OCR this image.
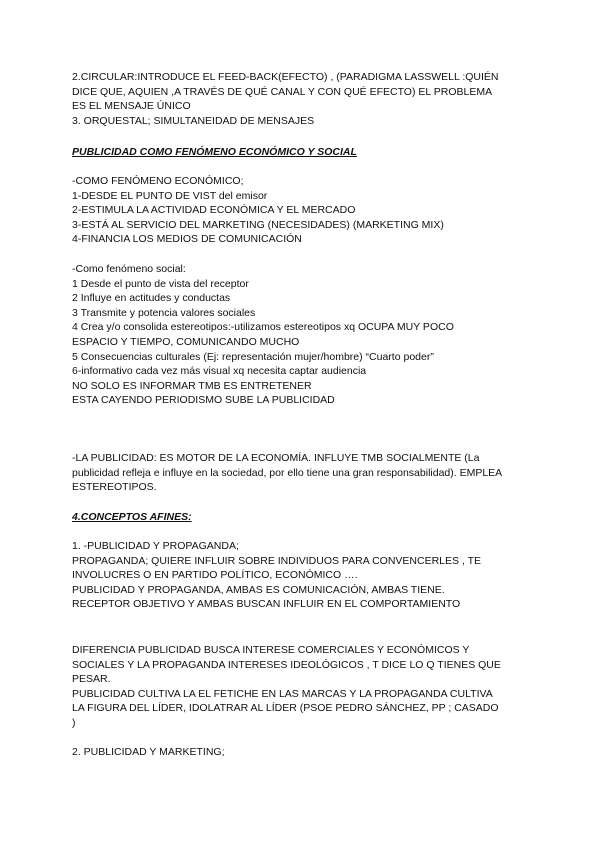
2.CIRCULAR:INTRODUCE EL FEED-BACK(EFECTO) , (PARADIGMA LASSWELL :QUIÉN
DICE QUE, AQUIEN ,A TRAVÉS DE QUÉ CANAL Y CON QUÉ EFECTO) EL PROBLEMA
ES EL MENSAJE ÚNICO
3. ORQUESTAL; SIMULTANEIDAD DE MENSAJES
PUBLICIDAD COMO FENÓMENO ECONÓMICO Y SOCIAL
-COMO FENÓMENO ECONÓMICO;
1-DESDE EL PUNTO DE VIST del emisor
2-ESTIMULA LA ACTIVIDAD ECONÓMICA Y EL MERCADO
3-ESTÁ AL SERVICIO DEL MARKETING (NECESIDADES) (MARKETING MIX)
4-FINANCIA LOS MEDIOS DE COMUNICACIÓN
-Como fenómeno social:
1 Desde el punto de vista del receptor
2 Influye en actitudes y conductas
3 Transmite y potencia valores sociales
4 Crea y/o consolida estereotipos:-utilizamos estereotipos xq OCUPA MUY POCO
ESPACIO Y TIEMPO, COMUNICANDO MUCHO
5 Consecuencias culturales (Ej: representación mujer/hombre) “Cuarto poder”
6-informativo cada vez más visual xq necesita captar audiencia
NO SOLO ES INFORMAR TMB ES ENTRETENER
ESTA CAYENDO PERIODISMO SUBE LA PUBLICIDAD
-LA PUBLICIDAD: ES MOTOR DE LA ECONOMÍA. INFLUYE TMB SOCIALMENTE (La
publicidad refleja e influye en la sociedad, por ello tiene una gran responsabilidad). EMPLEA
ESTEREOTIPOS.
4.CONCEPTOS AFINES:
1. -PUBLICIDAD Y PROPAGANDA;
PROPAGANDA; QUIERE INFLUIR SOBRE INDIVIDUOS PARA CONVENCERLES , TE
INVOLUCRES O EN PARTIDO POLÍTICO, ECONÓMICO ….
PUBLICIDAD Y PROPAGANDA, AMBAS ES COMUNICACIÓN, AMBAS TIENE.
RECEPTOR OBJETIVO Y AMBAS BUSCAN INFLUIR EN EL COMPORTAMIENTO
DIFERENCIA PUBLICIDAD BUSCA INTERESE COMERCIALES Y ECONÓMICOS Y
SOCIALES Y LA PROPAGANDA INTERESES IDEOLÓGICOS , T DICE LO Q TIENES QUE
PESAR.
PUBLICIDAD CULTIVA LA EL FETICHE EN LAS MARCAS Y LA PROPAGANDA CULTIVA
LA FIGURA DEL LÍDER, IDOLATRAR AL LÍDER (PSOE PEDRO SÁNCHEZ, PP ; CASADO
)
2. PUBLICIDAD Y MARKETING;
